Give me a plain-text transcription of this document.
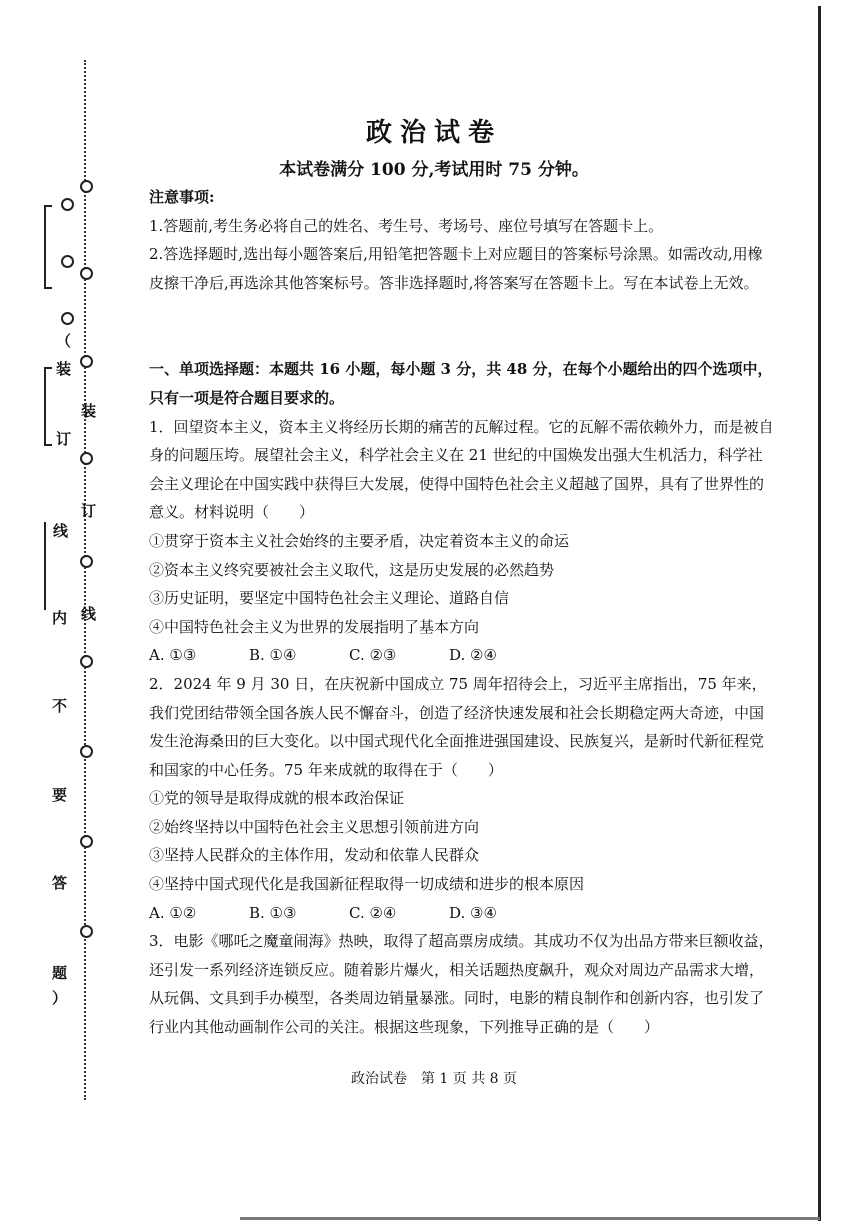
（
装
订
线
内
不
要
答
题
）
装
订
线
政治试卷
本试卷满分 100 分,考试用时 75 分钟。

注意事项:

1.答题前,考生务必将自己的姓名、考生号、考场号、座位号填写在答题卡上。

2.答选择题时,选出每小题答案后,用铅笔把答题卡上对应题目的答案标号涂黑。如需改动,用橡皮擦干净后,再选涂其他答案标号。答非选择题时,将答案写在答题卡上。写在本试卷上无效。

一、单项选择题：本题共 16 小题，每小题 3 分，共 48 分，在每个小题给出的四个选项中，只有一项是符合题目要求的。

1．回望资本主义，资本主义将经历长期的痛苦的瓦解过程。它的瓦解不需依赖外力，而是被自身的问题压垮。展望社会主义，科学社会主义在 21 世纪的中国焕发出强大生机活力，科学社会主义理论在中国实践中获得巨大发展，使得中国特色社会主义超越了国界，具有了世界性的意义。材料说明（　　）

①贯穿于资本主义社会始终的主要矛盾，决定着资本主义的命运

②资本主义终究要被社会主义取代，这是历史发展的必然趋势

③历史证明，要坚定中国特色社会主义理论、道路自信

④中国特色社会主义为世界的发展指明了基本方向

A. ①③	B. ①④	C. ②③	D. ②④

2．2024 年 9 月 30 日，在庆祝新中国成立 75 周年招待会上，习近平主席指出，75 年来，我们党团结带领全国各族人民不懈奋斗，创造了经济快速发展和社会长期稳定两大奇迹，中国发生沧海桑田的巨大变化。以中国式现代化全面推进强国建设、民族复兴，是新时代新征程党和国家的中心任务。75 年来成就的取得在于（　　）

①党的领导是取得成就的根本政治保证

②始终坚持以中国特色社会主义思想引领前进方向

③坚持人民群众的主体作用，发动和依靠人民群众

④坚持中国式现代化是我国新征程取得一切成绩和进步的根本原因

A. ①②	B. ①③	C. ②④	D. ③④

3．电影《哪吒之魔童闹海》热映，取得了超高票房成绩。其成功不仅为出品方带来巨额收益，还引发一系列经济连锁反应。随着影片爆火，相关话题热度飙升，观众对周边产品需求大增，从玩偶、文具到手办模型，各类周边销量暴涨。同时，电影的精良制作和创新内容，也引发了行业内其他动画制作公司的关注。根据这些现象，下列推导正确的是（　　）

政治试卷　第 1 页 共 8 页
